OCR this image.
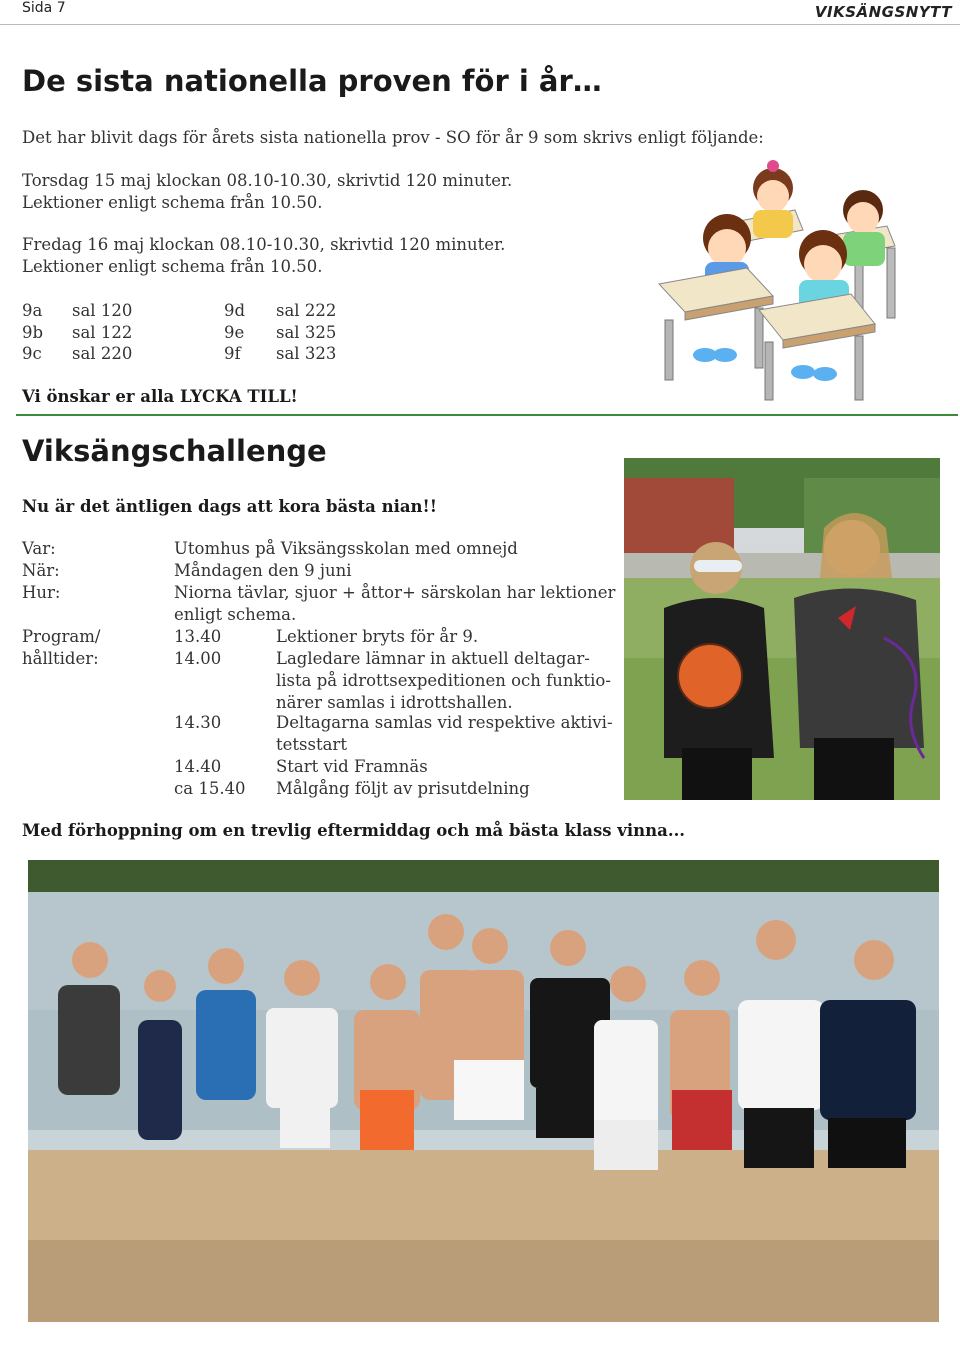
Sida 7	VIKSÄNGSNYTT
De sista nationella proven för i år…
Det har blivit dags för årets sista nationella prov - SO för år 9 som skrivs enligt följande:
Torsdag 15 maj klockan 08.10-10.30, skrivtid 120 minuter.
Lektioner enligt schema från 10.50.
Fredag 16 maj klockan 08.10-10.30, skrivtid 120 minuter.
Lektioner enligt schema från 10.50.
9a	sal 120	9d	sal 222
9b	sal 122	9e	sal 325
9c	sal 220	9f	sal 323
Vi önskar er alla LYCKA TILL!
Viksängschallenge
Nu är det äntligen dags att kora bästa nian!!
Var:	Utomhus på Viksängsskolan med omnejd
När:	Måndagen den 9 juni
Hur:	Niorna tävlar, sjuor + åttor+ särskolan har lektioner
enligt schema.
Program/
hålltider:
13.40	Lektioner bryts för år 9.
14.00	Lagledare lämnar in aktuell deltagar-
lista på idrottsexpeditionen och funktio-
närer samlas i idrottshallen.
14.30	Deltagarna samlas vid respektive aktivi-
tetsstart
14.40	Start vid Framnäs
ca 15.40 Målgång följt av prisutdelning
Med förhoppning om en trevlig eftermiddag och må bästa klass vinna...
